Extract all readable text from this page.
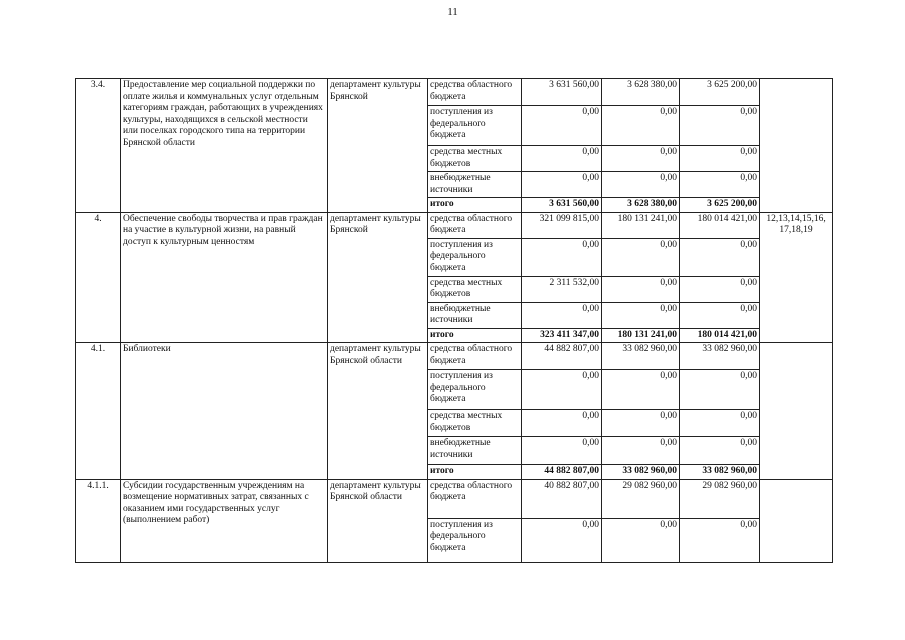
11
3.4.	Предоставление мер социальной поддержки по оплате жилья и коммунальных услуг отдельным категориям граждан, работающих в учреждениях культуры, находящихся в сельской местности или поселках городского типа на территории Брянской области	департамент культуры Брянской	средства областного бюджета	3 631 560,00	3 628 380,00	3 625 200,00	
			поступления из федерального бюджета	0,00	0,00	0,00	
			средства местных бюджетов	0,00	0,00	0,00	
			внебюджетные источники	0,00	0,00	0,00	
			итого	3 631 560,00	3 628 380,00	3 625 200,00	
4.	Обеспечение свободы творчества и прав граждан на участие в культурной жизни, на равный доступ к культурным ценностям	департамент культуры Брянской	средства областного бюджета	321 099 815,00	180 131 241,00	180 014 421,00	12,13,14,15,16, 17,18,19
			поступления из федерального бюджета	0,00	0,00	0,00	
			средства местных бюджетов	2 311 532,00	0,00	0,00	
			внебюджетные источники	0,00	0,00	0,00	
			итого	323 411 347,00	180 131 241,00	180 014 421,00	
4.1.	Библиотеки	департамент культуры Брянской области	средства областного бюджета	44 882 807,00	33 082 960,00	33 082 960,00	
			поступления из федерального бюджета	0,00	0,00	0,00	
			средства местных бюджетов	0,00	0,00	0,00	
			внебюджетные источники	0,00	0,00	0,00	
			итого	44 882 807,00	33 082 960,00	33 082 960,00	
4.1.1.	Субсидии государственным учреждениям на возмещение нормативных затрат, связанных с оказанием ими государственных услуг (выполнением работ)	департамент культуры Брянской области	средства областного бюджета	40 882 807,00	29 082 960,00	29 082 960,00	
			поступления из федерального бюджета	0,00	0,00	0,00	
